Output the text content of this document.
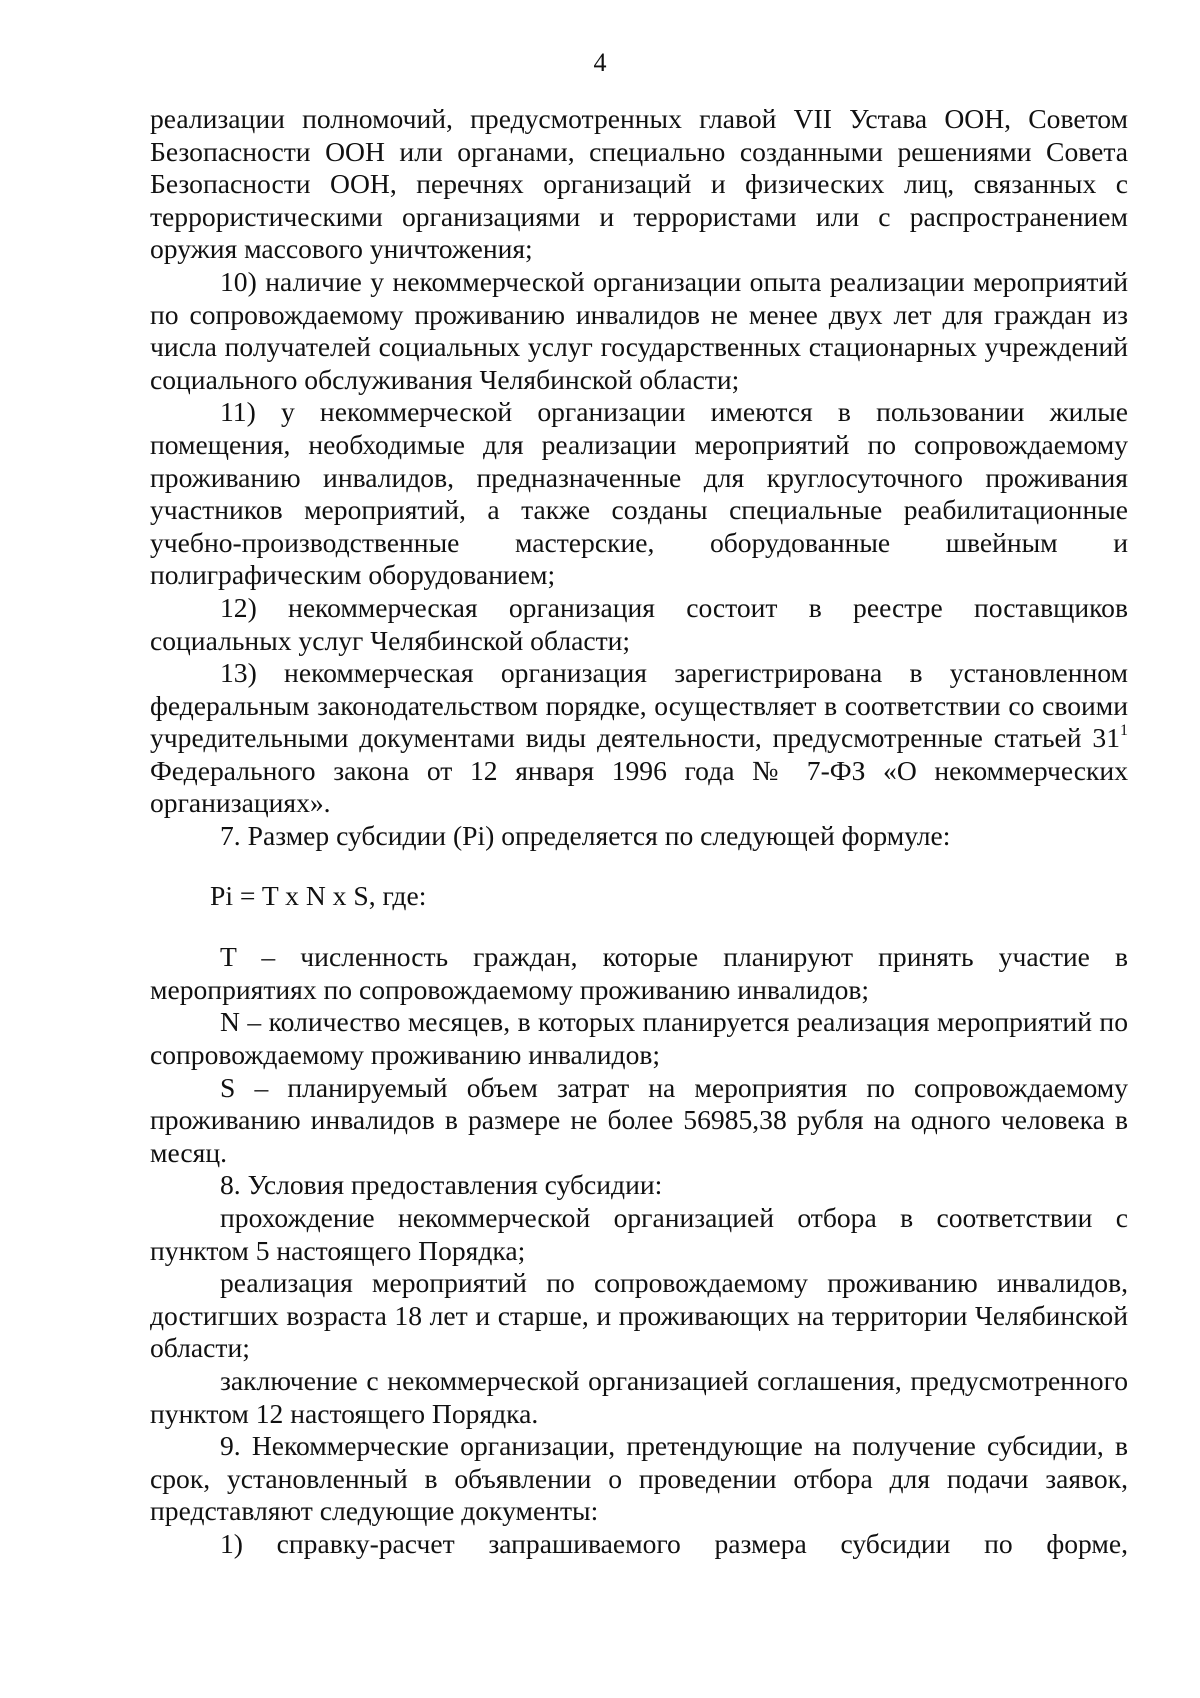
4

реализации полномочий, предусмотренных главой VII Устава ООН, Советом Безопасности ООН или органами, специально созданными решениями Совета Безопасности ООН, перечнях организаций и физических лиц, связанных с террористическими организациями и террористами или с распространением оружия массового уничтожения;

10) наличие у некоммерческой организации опыта реализации мероприятий по сопровождаемому проживанию инвалидов не менее двух лет для граждан из числа получателей социальных услуг государственных стационарных учреждений социального обслуживания Челябинской области;

11) у некоммерческой организации имеются в пользовании жилые помещения, необходимые для реализации мероприятий по сопровождаемому проживанию инвалидов, предназначенные для круглосуточного проживания участников мероприятий, а также созданы специальные реабилитационные учебно-производственные мастерские, оборудованные швейным и полиграфическим оборудованием;

12) некоммерческая организация состоит в реестре поставщиков социальных услуг Челябинской области;

13) некоммерческая организация зарегистрирована в установленном федеральным законодательством порядке, осуществляет в соответствии со своими учредительными документами виды деятельности, предусмотренные статьей $31^1$ Федерального закона от 12 января 1996 года № 7-ФЗ «О некоммерческих организациях».

7. Размер субсидии (Pi) определяется по следующей формуле:

Pi = T x N x S, где:

T – численность граждан, которые планируют принять участие в мероприятиях по сопровождаемому проживанию инвалидов;

N – количество месяцев, в которых планируется реализация мероприятий по сопровождаемому проживанию инвалидов;

S – планируемый объем затрат на мероприятия по сопровождаемому проживанию инвалидов в размере не более 56985,38 рубля на одного человека в месяц.

8. Условия предоставления субсидии:

прохождение некоммерческой организацией отбора в соответствии с пунктом 5 настоящего Порядка;

реализация мероприятий по сопровождаемому проживанию инвалидов, достигших возраста 18 лет и старше, и проживающих на территории Челябинской области;

заключение с некоммерческой организацией соглашения, предусмотренного пунктом 12 настоящего Порядка.

9. Некоммерческие организации, претендующие на получение субсидии, в срок, установленный в объявлении о проведении отбора для подачи заявок, представляют следующие документы:

1) справку-расчет запрашиваемого размера субсидии по форме,
